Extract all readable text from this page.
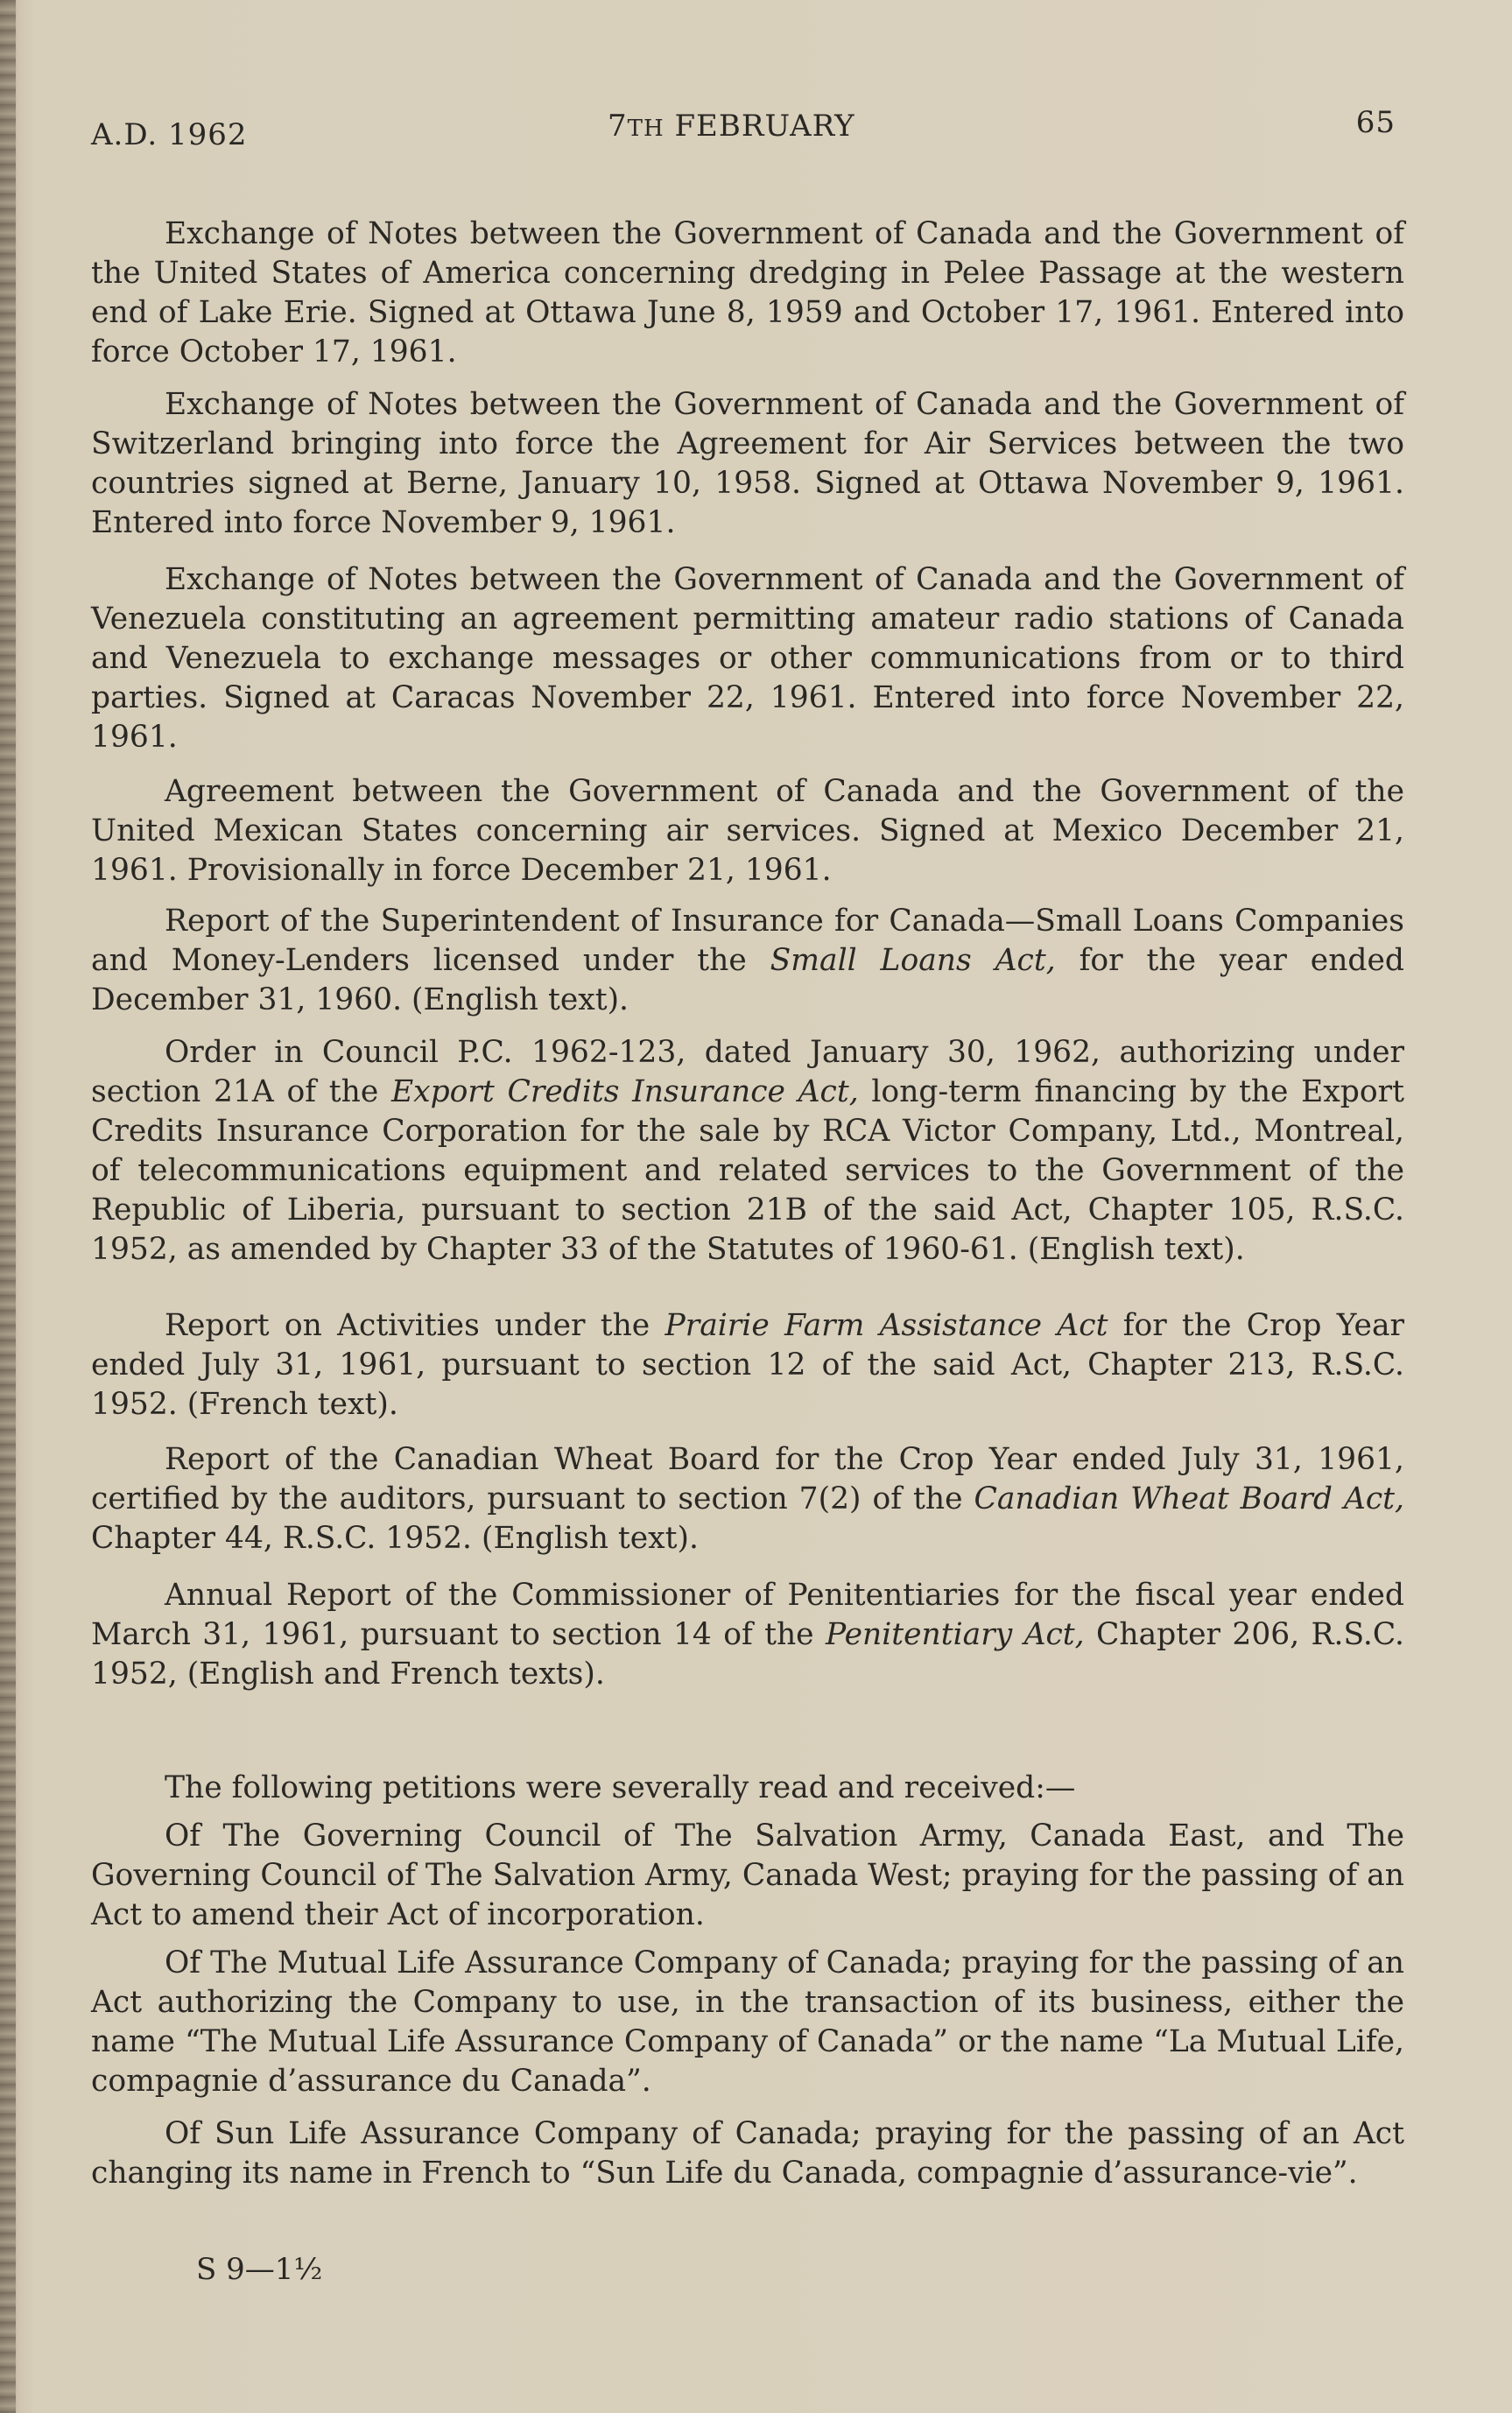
A.D. 1962	7TH FEBRUARY	65

Exchange of Notes between the Government of Canada and the Government of the United States of America concerning dredging in Pelee Passage at the western end of Lake Erie. Signed at Ottawa June 8, 1959 and October 17, 1961. Entered into force October 17, 1961.

Exchange of Notes between the Government of Canada and the Government of Switzerland bringing into force the Agreement for Air Services between the two countries signed at Berne, January 10, 1958. Signed at Ottawa November 9, 1961. Entered into force November 9, 1961.

Exchange of Notes between the Government of Canada and the Government of Venezuela constituting an agreement permitting amateur radio stations of Canada and Venezuela to exchange messages or other communications from or to third parties. Signed at Caracas November 22, 1961. Entered into force November 22, 1961.

Agreement between the Government of Canada and the Government of the United Mexican States concerning air services. Signed at Mexico December 21, 1961. Provisionally in force December 21, 1961.

Report of the Superintendent of Insurance for Canada—Small Loans Companies and Money-Lenders licensed under the Small Loans Act, for the year ended December 31, 1960. (English text).

Order in Council P.C. 1962-123, dated January 30, 1962, authorizing under section 21A of the Export Credits Insurance Act, long-term financing by the Export Credits Insurance Corporation for the sale by RCA Victor Company, Ltd., Montreal, of telecommunications equipment and related services to the Government of the Republic of Liberia, pursuant to section 21B of the said Act, Chapter 105, R.S.C. 1952, as amended by Chapter 33 of the Statutes of 1960-61. (English text).

Report on Activities under the Prairie Farm Assistance Act for the Crop Year ended July 31, 1961, pursuant to section 12 of the said Act, Chapter 213, R.S.C. 1952. (French text).

Report of the Canadian Wheat Board for the Crop Year ended July 31, 1961, certified by the auditors, pursuant to section 7(2) of the Canadian Wheat Board Act, Chapter 44, R.S.C. 1952. (English text).

Annual Report of the Commissioner of Penitentiaries for the fiscal year ended March 31, 1961, pursuant to section 14 of the Penitentiary Act, Chapter 206, R.S.C. 1952, (English and French texts).

The following petitions were severally read and received:—

Of The Governing Council of The Salvation Army, Canada East, and The Governing Council of The Salvation Army, Canada West; praying for the passing of an Act to amend their Act of incorporation.

Of The Mutual Life Assurance Company of Canada; praying for the passing of an Act authorizing the Company to use, in the transaction of its business, either the name “The Mutual Life Assurance Company of Canada” or the name “La Mutual Life, compagnie d’assurance du Canada”.

Of Sun Life Assurance Company of Canada; praying for the passing of an Act changing its name in French to “Sun Life du Canada, compagnie d’assurance-vie”.

S 9—1½
